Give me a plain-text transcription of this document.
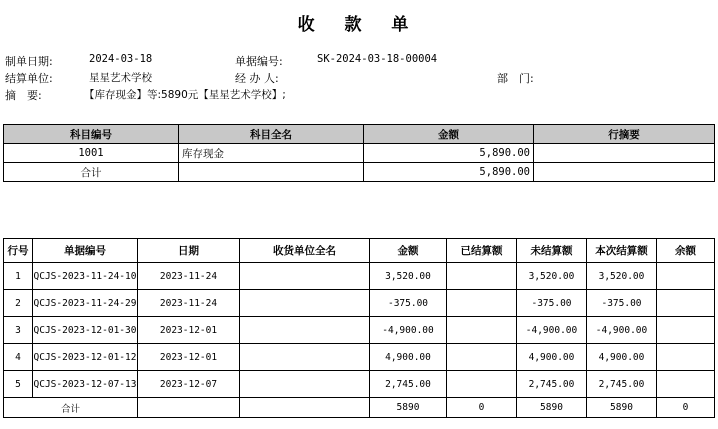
收 款 单
制单日期:	2024-03-18	单据编号:	SK-2024-03-18-00004
结算单位:	星星艺术学校	经 办 人:	部　门:
摘　要:	【库存现金】等:5890元【星星艺术学校】;
科目编号	科目全名	金额	行摘要
1001	库存现金	5,890.00	
合计		5,890.00	
行号	单据编号	日期	收货单位全名	金额	已结算额	未结算额	本次结算额	余额
1	QCJS-2023-11-24-10	2023-11-24		3,520.00		3,520.00	3,520.00	
2	QCJS-2023-11-24-29	2023-11-24		-375.00		-375.00	-375.00	
3	QCJS-2023-12-01-30	2023-12-01		-4,900.00		-4,900.00	-4,900.00	
4	QCJS-2023-12-01-12	2023-12-01		4,900.00		4,900.00	4,900.00	
5	QCJS-2023-12-07-13	2023-12-07		2,745.00		2,745.00	2,745.00	
合计				5890	0	5890	5890	0
